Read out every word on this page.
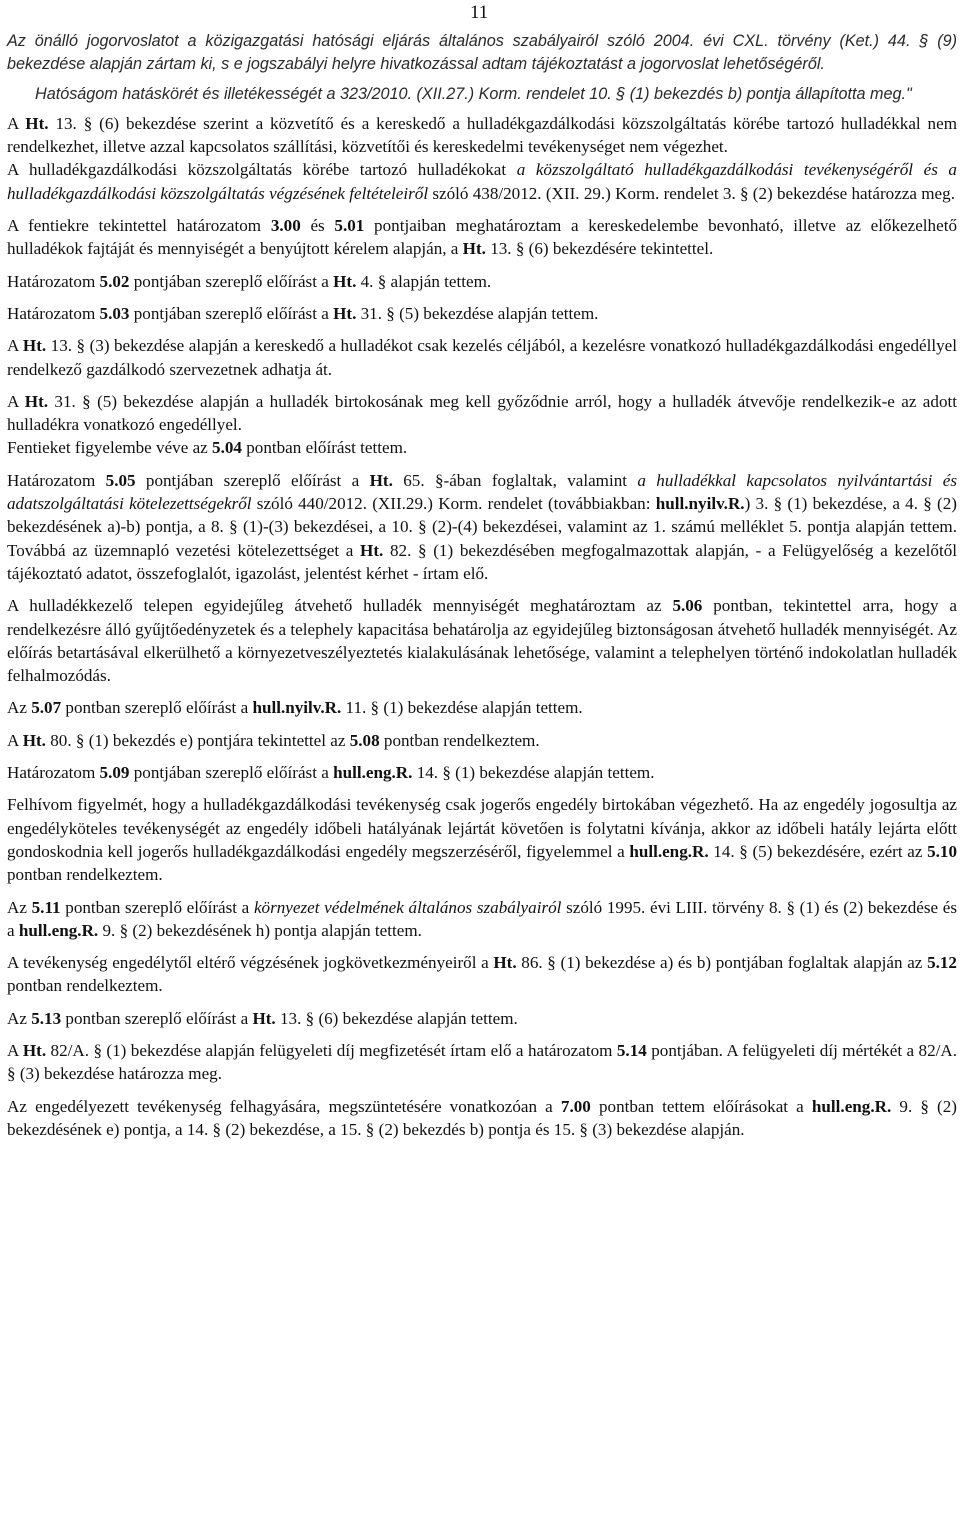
11

Az önálló jogorvoslatot a közigazgatási hatósági eljárás általános szabályairól szóló 2004. évi CXL. törvény (Ket.) 44. § (9) bekezdése alapján zártam ki, s e jogszabályi helyre hivatkozással adtam tájékoztatást a jogorvoslat lehetőségéről.

Hatóságom hatáskörét és illetékességét a 323/2010. (XII.27.) Korm. rendelet 10. § (1) bekezdés b) pontja állapította meg."

A Ht. 13. § (6) bekezdése szerint a közvetítő és a kereskedő a hulladékgazdálkodási közszolgáltatás körébe tartozó hulladékkal nem rendelkezhet, illetve azzal kapcsolatos szállítási, közvetítői és kereskedelmi tevékenységet nem végezhet.

A hulladékgazdálkodási közszolgáltatás körébe tartozó hulladékokat a közszolgáltató hulladékgazdálkodási tevékenységéről és a hulladékgazdálkodási közszolgáltatás végzésének feltételeiről szóló 438/2012. (XII. 29.) Korm. rendelet 3. § (2) bekezdése határozza meg.

A fentiekre tekintettel határozatom 3.00 és 5.01 pontjaiban meghatároztam a kereskedelembe bevonható, illetve az előkezelhető hulladékok fajtáját és mennyiségét a benyújtott kérelem alapján, a Ht. 13. § (6) bekezdésére tekintettel.

Határozatom 5.02 pontjában szereplő előírást a Ht. 4. § alapján tettem.

Határozatom 5.03 pontjában szereplő előírást a Ht. 31. § (5) bekezdése alapján tettem.

A Ht. 13. § (3) bekezdése alapján a kereskedő a hulladékot csak kezelés céljából, a kezelésre vonatkozó hulladékgazdálkodási engedéllyel rendelkező gazdálkodó szervezetnek adhatja át.

A Ht. 31. § (5) bekezdése alapján a hulladék birtokosának meg kell győződnie arról, hogy a hulladék átvevője rendelkezik-e az adott hulladékra vonatkozó engedéllyel.

Fentieket figyelembe véve az 5.04 pontban előírást tettem.

Határozatom 5.05 pontjában szereplő előírást a Ht. 65. §-ában foglaltak, valamint a hulladékkal kapcsolatos nyilvántartási és adatszolgáltatási kötelezettségekről szóló 440/2012. (XII.29.) Korm. rendelet (továbbiakban: hull.nyilv.R.) 3. § (1) bekezdése, a 4. § (2) bekezdésének a)-b) pontja, a 8. § (1)-(3) bekezdései, a 10. § (2)-(4) bekezdései, valamint az 1. számú melléklet 5. pontja alapján tettem. Továbbá az üzemnapló vezetési kötelezettséget a Ht. 82. § (1) bekezdésében megfogalmazottak alapján, - a Felügyelőség a kezelőtől tájékoztató adatot, összefoglalót, igazolást, jelentést kérhet - írtam elő.

A hulladékkezelő telepen egyidejűleg átvehető hulladék mennyiségét meghatároztam az 5.06 pontban, tekintettel arra, hogy a rendelkezésre álló gyűjtőedényzetek és a telephely kapacitása behatárolja az egyidejűleg biztonságosan átvehető hulladék mennyiségét. Az előírás betartásával elkerülhető a környezetveszélyeztetés kialakulásának lehetősége, valamint a telephelyen történő indokolatlan hulladék felhalmozódás.

Az 5.07 pontban szereplő előírást a hull.nyilv.R. 11. § (1) bekezdése alapján tettem.

A Ht. 80. § (1) bekezdés e) pontjára tekintettel az 5.08 pontban rendelkeztem.

Határozatom 5.09 pontjában szereplő előírást a hull.eng.R. 14. § (1) bekezdése alapján tettem.

Felhívom figyelmét, hogy a hulladékgazdálkodási tevékenység csak jogerős engedély birtokában végezhető. Ha az engedély jogosultja az engedélyköteles tevékenységét az engedély időbeli hatályának lejártát követően is folytatni kívánja, akkor az időbeli hatály lejárta előtt gondoskodnia kell jogerős hulladékgazdálkodási engedély megszerzéséről, figyelemmel a hull.eng.R. 14. § (5) bekezdésére, ezért az 5.10 pontban rendelkeztem.

Az 5.11 pontban szereplő előírást a környezet védelmének általános szabályairól szóló 1995. évi LIII. törvény 8. § (1) és (2) bekezdése és a hull.eng.R. 9. § (2) bekezdésének h) pontja alapján tettem.

A tevékenység engedélytől eltérő végzésének jogkövetkezményeiről a Ht. 86. § (1) bekezdése a) és b) pontjában foglaltak alapján az 5.12 pontban rendelkeztem.

Az 5.13 pontban szereplő előírást a Ht. 13. § (6) bekezdése alapján tettem.

A Ht. 82/A. § (1) bekezdése alapján felügyeleti díj megfizetését írtam elő a határozatom 5.14 pontjában. A felügyeleti díj mértékét a 82/A. § (3) bekezdése határozza meg.

Az engedélyezett tevékenység felhagyására, megszüntetésére vonatkozóan a 7.00 pontban tettem előírásokat a hull.eng.R. 9. § (2) bekezdésének e) pontja, a 14. § (2) bekezdése, a 15. § (2) bekezdés b) pontja és 15. § (3) bekezdése alapján.
